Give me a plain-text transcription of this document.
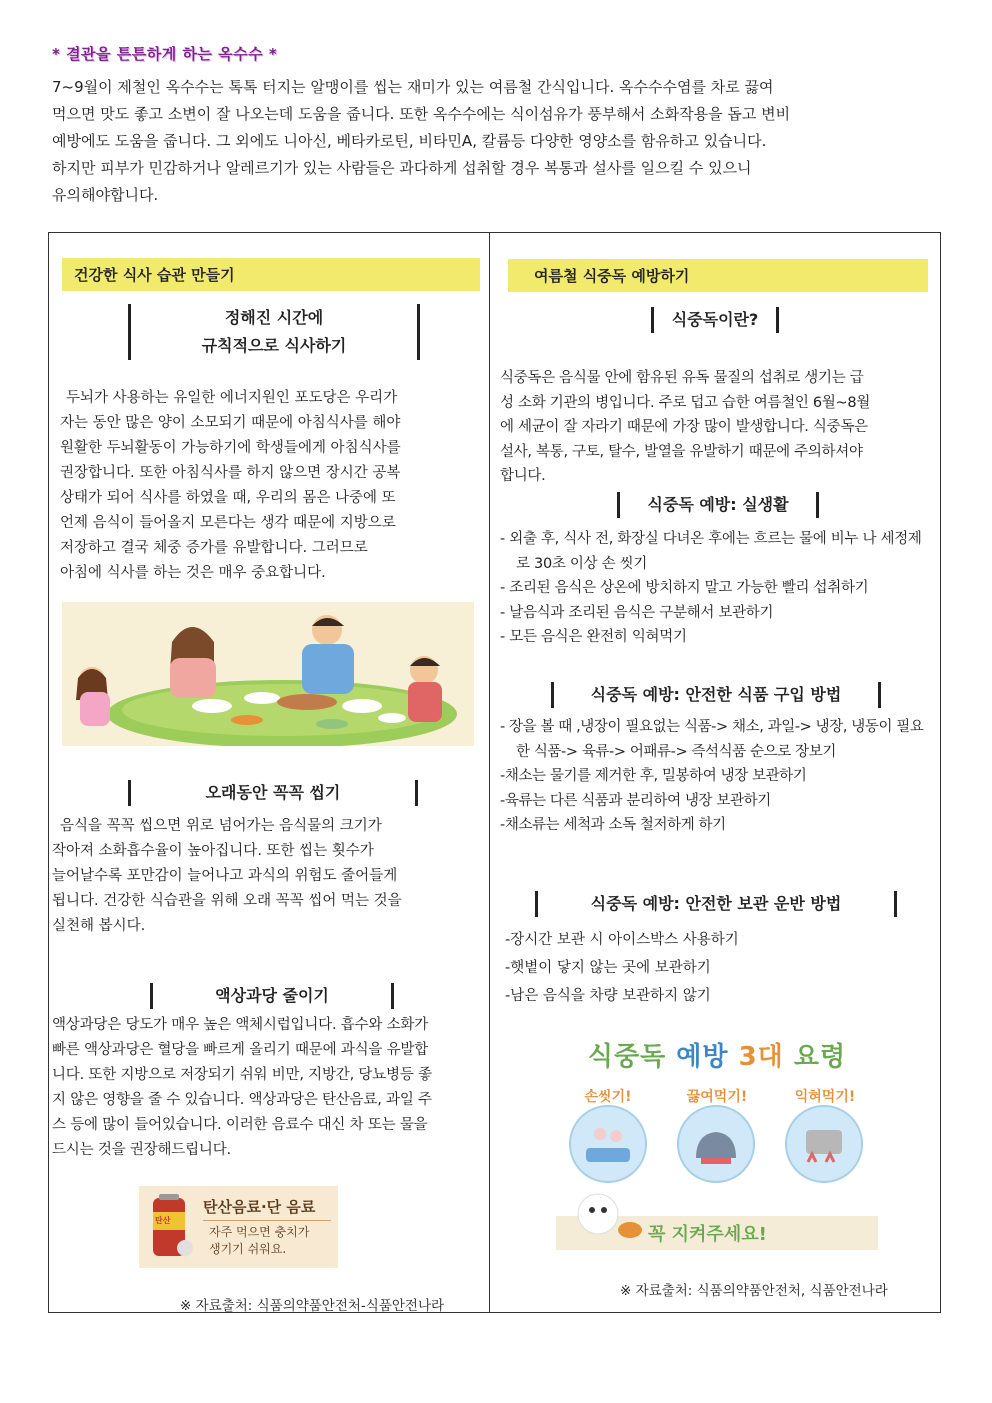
* 결관을 튼튼하게 하는 옥수수 *

7~9월이 제철인 옥수수는 톡톡 터지는 알맹이를 씹는 재미가 있는 여름철 간식입니다. 옥수수수염를 차로 끓여

먹으면 맛도 좋고 소변이 잘 나오는데 도움을 줍니다. 또한 옥수수에는 식이섬유가 풍부해서 소화작용을 돕고 변비

예방에도 도움을 줍니다. 그 외에도 니아신, 베타카로틴, 비타민A, 칼륨등 다양한 영양소를 함유하고 있습니다.

하지만 피부가 민감하거나 알레르기가 있는 사람들은 과다하게 섭취할 경우 복통과 설사를 일으킬 수 있으니

유의해야합니다.

건강한 식사 습관 만들기
정해진 시간에
규칙적으로 식사하기

두뇌가 사용하는 유일한 에너지원인 포도당은 우리가

자는 동안 많은 양이 소모되기 때문에 아침식사를 해야

원활한 두뇌활동이 가능하기에 학생들에게 아침식사를

권장합니다. 또한 아침식사를 하지 않으면 장시간 공복

상태가 되어 식사를 하였을 때, 우리의 몸은 나중에 또

언제 음식이 들어올지 모른다는 생각 때문에 지방으로

저장하고 결국 체중 증가를 유발합니다. 그러므로

아침에 식사를 하는 것은 매우 중요합니다.

오래동안 꼭꼭 씹기

음식을 꼭꼭 씹으면 위로 넘어가는 음식물의 크기가

작아져 소화흡수율이 높아집니다. 또한 씹는 횟수가

늘어날수록 포만감이 늘어나고 과식의 위험도 줄어들게

됩니다. 건강한 식습관을 위해 오래 꼭꼭 씹어 먹는 것을

실천해 봅시다.

액상과당 줄이기

액상과당은 당도가 매우 높은 액체시럽입니다. 흡수와 소화가

빠른 액상과당은 혈당을 빠르게 올리기 때문에 과식을 유발합

니다. 또한 지방으로 저장되기 쉬워 비만, 지방간, 당뇨병등 좋

지 않은 영향을 줄 수 있습니다. 액상과당은 탄산음료, 과일 주

스 등에 많이 들어있습니다. 이러한 음료수 대신 차 또는 물을

드시는 것을 권장해드립니다.

탄산
탄산음료·단 음료
자주 먹으면 충치가
생기기 쉬워요.
※ 자료출처: 식품의약품안전처-식품안전나라
여름철 식중독 예방하기
식중독이란?

식중독은 음식물 안에 함유된 유독 물질의 섭취로 생기는 급

성 소화 기관의 병입니다. 주로 덥고 습한 여름철인 6월~8월

에 세균이 잘 자라기 때문에 가장 많이 발생합니다. 식중독은

설사, 복통, 구토, 탈수, 발열을 유발하기 때문에 주의하셔야

합니다.

식중독 예방: 실생활
- 외출 후, 식사 전, 화장실 다녀온 후에는 흐르는 물에 비누 나 세정제로 30초 이상 손 씻기
- 조리된 음식은 상온에 방치하지 말고 가능한 빨리 섭취하기
- 날음식과 조리된 음식은 구분해서 보관하기
- 모든 음식은 완전히 익혀먹기
식중독 예방: 안전한 식품 구입 방법
- 장을 볼 때 ,냉장이 필요없는 식품-> 채소, 과일-> 냉장, 냉동이 필요한 식품-> 육류-> 어패류-> 즉석식품 순으로 장보기
-채소는 물기를 제거한 후, 밀봉하여 냉장 보관하기
-육류는 다른 식품과 분리하여 냉장 보관하기
-채소류는 세척과 소독 철저하게 하기
식중독 예방: 안전한 보관 운반 방법
-장시간 보관 시 아이스박스 사용하기
-햇볕이 닿지 않는 곳에 보관하기
-남은 음식을 차량 보관하지 않기
식중독 예방 3대 요령
손씻기!	끓여먹기!	익혀먹기!
꼭 지켜주세요!
※ 자료출처: 식품의약품안전처, 식품안전나라
